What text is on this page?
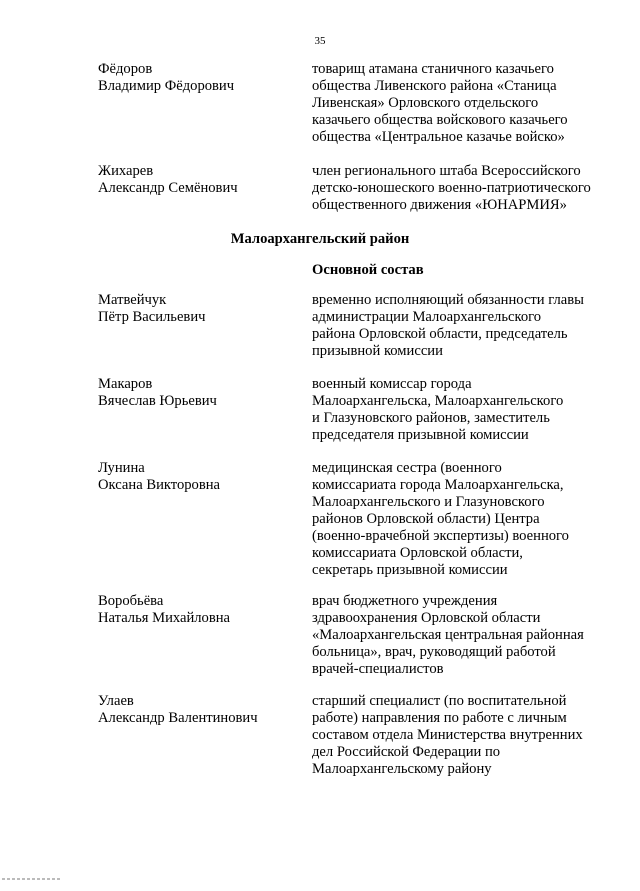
35
Фёдоров
Владимир Фёдорович
товарищ атамана станичного казачьего
общества Ливенского района «Станица
Ливенская» Орловского отдельского
казачьего общества войскового казачьего
общества «Центральное казачье войско»
Жихарев
Александр Семёнович
член регионального штаба Всероссийского
детско-юношеского военно-патриотического
общественного движения «ЮНАРМИЯ»
Малоархангельский район
Основной состав
Матвейчук
Пётр Васильевич
временно исполняющий обязанности главы
администрации Малоархангельского
района Орловской области, председатель
призывной комиссии
Макаров
Вячеслав Юрьевич
военный комиссар города
Малоархангельска, Малоархангельского
и Глазуновского районов, заместитель
председателя призывной комиссии
Лунина
Оксана Викторовна
медицинская сестра (военного
комиссариата города Малоархангельска,
Малоархангельского и Глазуновского
районов Орловской области) Центра
(военно-врачебной экспертизы) военного
комиссариата Орловской области,
секретарь призывной комиссии
Воробьёва
Наталья Михайловна
врач бюджетного учреждения
здравоохранения Орловской области
«Малоархангельская центральная районная
больница», врач, руководящий работой
врачей-специалистов
Улаев
Александр Валентинович
старший специалист (по воспитательной
работе) направления по работе с личным
составом отдела Министерства внутренних
дел Российской Федерации по
Малоархангельскому району
